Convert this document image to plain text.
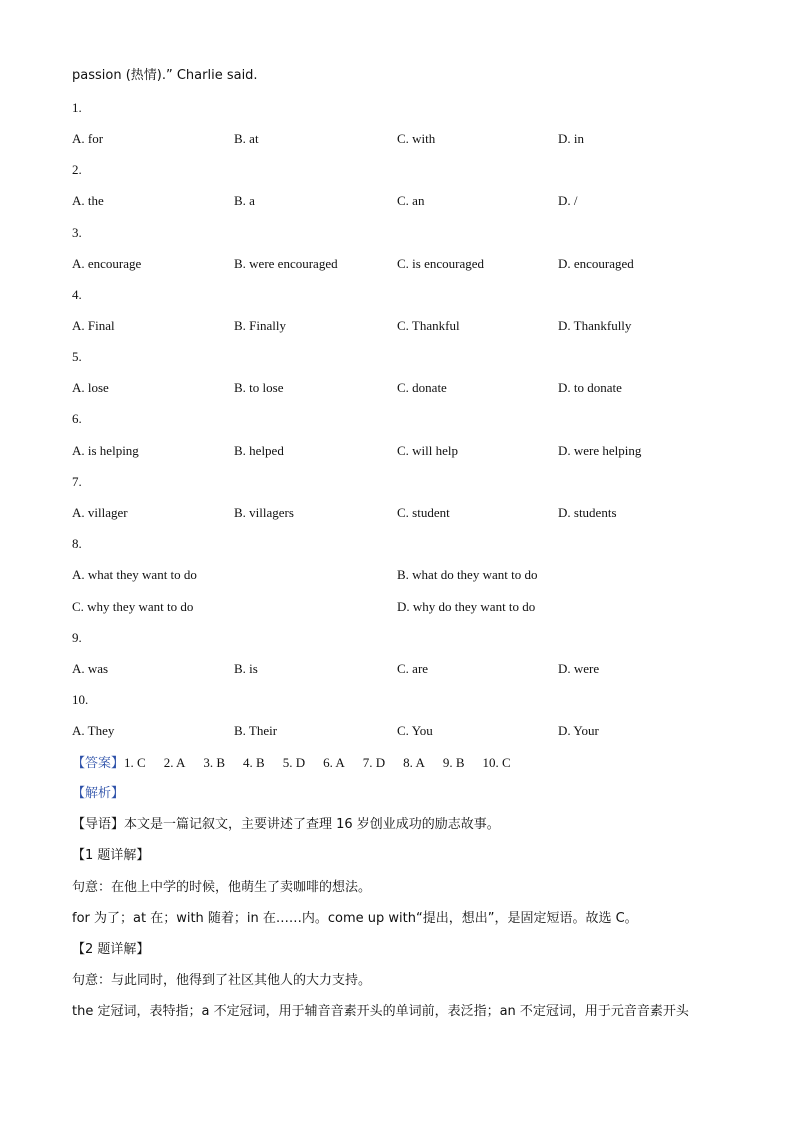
passion (热情).” Charlie said.
1.
A. for	B. at	C. with	D. in
2.
A. the	B. a	C. an	D. /
3.
A. encourage	B. were encouraged	C. is encouraged	D. encouraged
4.
A. Final	B. Finally	C. Thankful	D. Thankfully
5.
A. lose	B. to lose	C. donate	D. to donate
6.
A. is helping	B. helped	C. will help	D. were helping
7.
A. villager	B. villagers	C. student	D. students
8.
A. what they want to do	B. what do they want to do
C. why they want to do	D. why do they want to do
9.
A. was	B. is	C. are	D. were
10.
A. They	B. Their	C. You	D. Your
【答案】1. C 2. A 3. B 4. B 5. D 6. A 7. D 8. A 9. B 10. C
【解析】
【导语】本文是一篇记叙文，主要讲述了查理 16 岁创业成功的励志故事。
【1 题详解】
句意：在他上中学的时候，他萌生了卖咖啡的想法。
for 为了；at 在；with 随着；in 在……内。come up with“提出，想出”，是固定短语。故选 C。
【2 题详解】
句意：与此同时，他得到了社区其他人的大力支持。
the 定冠词，表特指；a 不定冠词，用于辅音音素开头的单词前，表泛指；an 不定冠词，用于元音音素开头
